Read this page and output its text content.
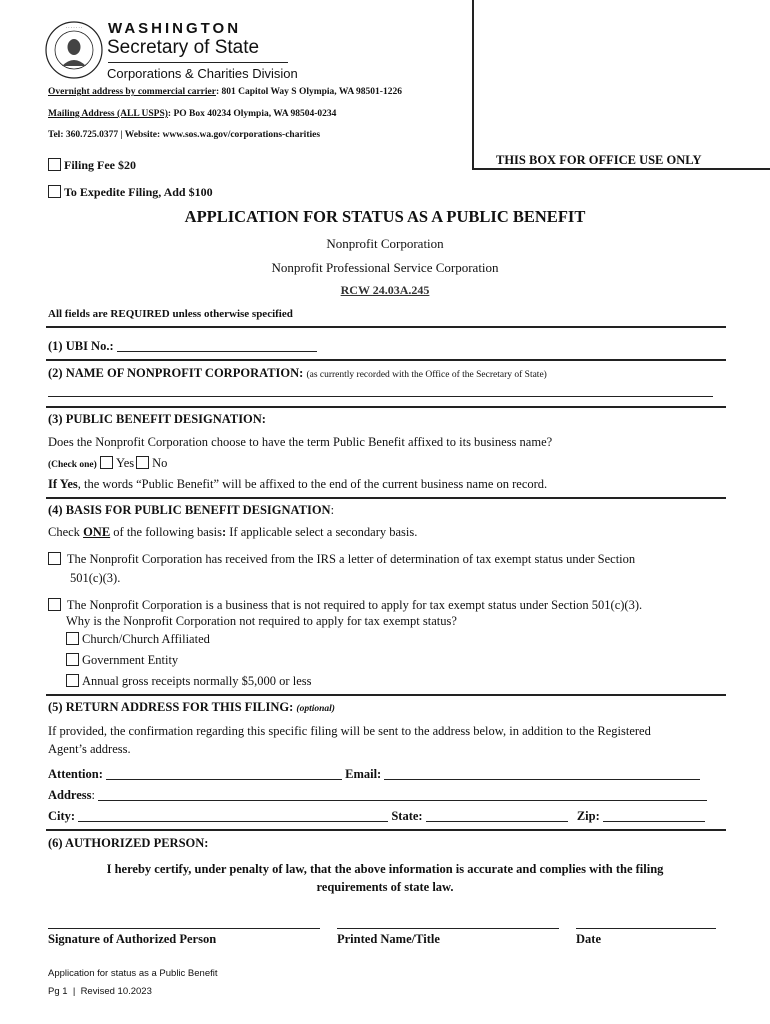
· · · · · · · WASHINGTON
Secretary of State
Corporations & Charities Division
Overnight address by commercial carrier: 801 Capitol Way S Olympia, WA 98501-1226
Mailing Address (ALL USPS): PO Box 40234 Olympia, WA 98504-0234
Tel: 360.725.0377 | Website: www.sos.wa.gov/corporations-charities
THIS BOX FOR OFFICE USE ONLY
Filing Fee $20
To Expedite Filing, Add $100
APPLICATION FOR STATUS AS A PUBLIC BENEFIT
Nonprofit Corporation
Nonprofit Professional Service Corporation
RCW 24.03A.245
All fields are REQUIRED unless otherwise specified
(1) UBI No.:
(2) NAME OF NONPROFIT CORPORATION: (as currently recorded with the Office of the Secretary of State)
(3) PUBLIC BENEFIT DESIGNATION:
Does the Nonprofit Corporation choose to have the term Public Benefit affixed to its business name?
(Check one) Yes No
If Yes, the words “Public Benefit” will be affixed to the end of the current business name on record.
(4) BASIS FOR PUBLIC BENEFIT DESIGNATION:
Check ONE of the following basis: If applicable select a secondary basis.
The Nonprofit Corporation has received from the IRS a letter of determination of tax exempt status under Section
501(c)(3).
The Nonprofit Corporation is a business that is not required to apply for tax exempt status under Section 501(c)(3).
Why is the Nonprofit Corporation not required to apply for tax exempt status?
Church/Church Affiliated
Government Entity
Annual gross receipts normally $5,000 or less
(5) RETURN ADDRESS FOR THIS FILING: (optional)
If provided, the confirmation regarding this specific filing will be sent to the address below, in addition to the Registered
Agent’s address.
Attention:	Email:
Address:
City:	State:	Zip:
(6) AUTHORIZED PERSON:
I hereby certify, under penalty of law, that the above information is accurate and complies with the filing
requirements of state law.
Signature of Authorized Person	Printed Name/Title	Date
Application for status as a Public Benefit
Pg 1  |  Revised 10.2023
